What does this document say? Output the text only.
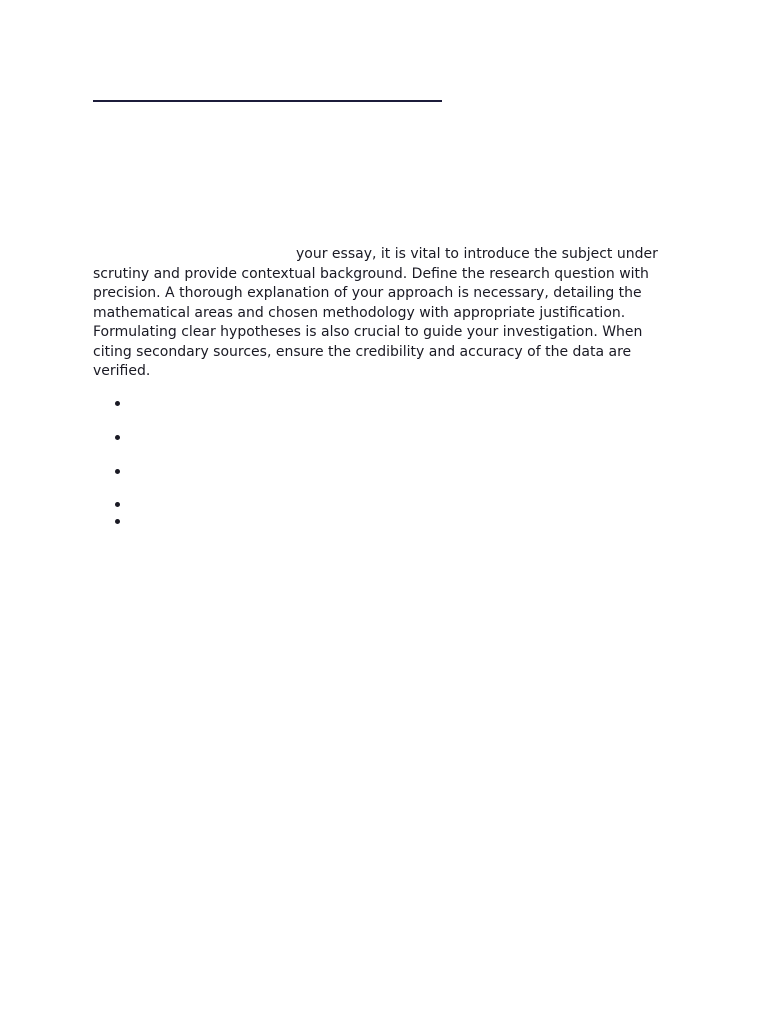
your essay, it is vital to introduce the subject under scrutiny and provide contextual background. Define the research question with precision. A thorough explanation of your approach is necessary, detailing the mathematical areas and chosen methodology with appropriate justification. Formulating clear hypotheses is also crucial to guide your investigation. When citing secondary sources, ensure the credibility and accuracy of the data are verified.
